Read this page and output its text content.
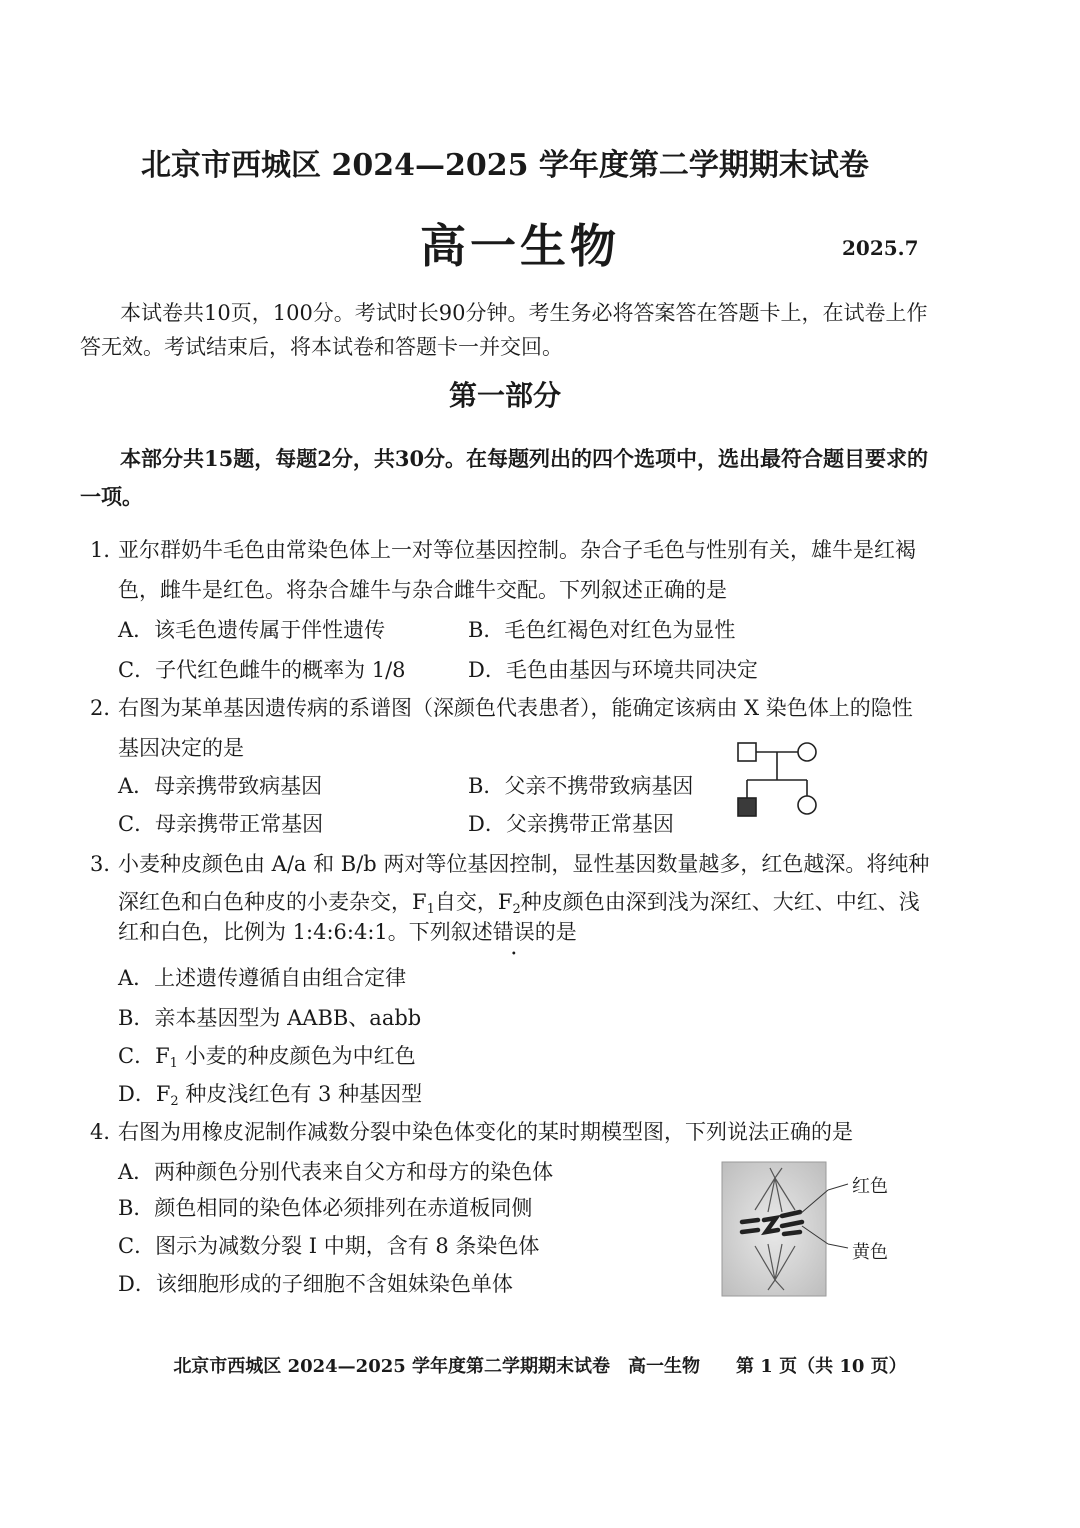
北京市西城区 2024—2025 学年度第二学期期末试卷
高一生物	2025.7
本试卷共10页，100分。考试时长90分钟。考生务必将答案答在答题卡上，在试卷上作答无效。考试结束后，将本试卷和答题卡一并交回。
第一部分
本部分共15题，每题2分，共30分。在每题列出的四个选项中，选出最符合题目要求的一项。
1．
亚尔群奶牛毛色由常染色体上一对等位基因控制。杂合子毛色与性别有关，雄牛是红褐
色，雌牛是红色。将杂合雄牛与杂合雌牛交配。下列叙述正确的是
A．该毛色遗传属于伴性遗传	B．毛色红褐色对红色为显性
C．子代红色雌牛的概率为 1/8	D．毛色由基因与环境共同决定
2．
右图为某单基因遗传病的系谱图（深颜色代表患者），能确定该病由 X 染色体上的隐性
基因决定的是
A．母亲携带致病基因	B．父亲不携带致病基因
C．母亲携带正常基因	D．父亲携带正常基因
3．
小麦种皮颜色由 A/a 和 B/b 两对等位基因控制，显性基因数量越多，红色越深。将纯种
深红色和白色种皮的小麦杂交，$F_1$自交，$F_2$种皮颜色由深到浅为深红、大红、中红、浅
红和白色，比例为 1:4:6:4:1。下列叙述错误的是
A．上述遗传遵循自由组合定律
B．亲本基因型为 AABB、aabb
C．$F_1$ 小麦的种皮颜色为中红色
D．$F_2$ 种皮浅红色有 3 种基因型
4．
右图为用橡皮泥制作减数分裂中染色体变化的某时期模型图，下列说法正确的是
A．两种颜色分别代表来自父方和母方的染色体
B．颜色相同的染色体必须排列在赤道板同侧
C．图示为减数分裂 I 中期，含有 8 条染色体
D．该细胞形成的子细胞不含姐妹染色单体
红色
黄色
北京市西城区 2024—2025 学年度第二学期期末试卷　高一生物　　第 1 页（共 10 页）
